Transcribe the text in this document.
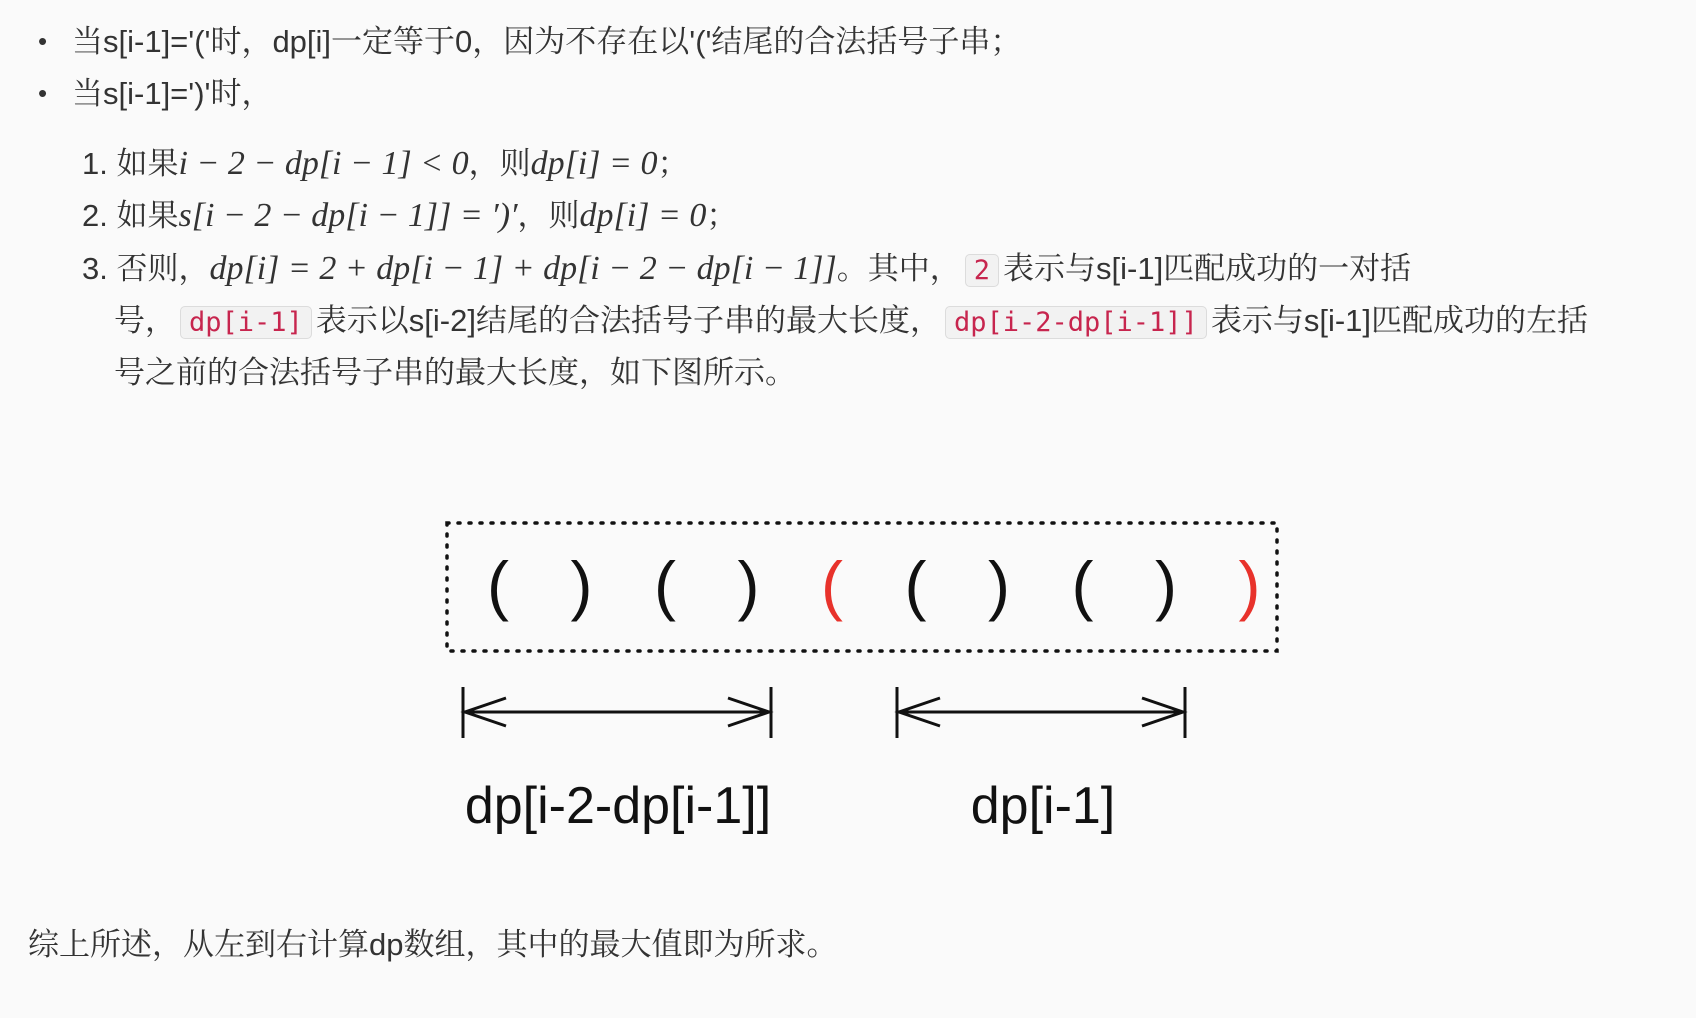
• 当s[i-1]='('时，dp[i]一定等于0，因为不存在以'('结尾的合法括号子串；
• 当s[i-1]=')'时，
1. 如果i − 2 − dp[i − 1] < 0，则dp[i] = 0；
2. 如果s[i − 2 − dp[i − 1]] = ′)′，则dp[i] = 0；
3. 否则，dp[i] = 2 + dp[i − 1] + dp[i − 2 − dp[i − 1]]。其中， 2 表示与s[i-1]匹配成功的一对括
号， dp[i-1] 表示以s[i-2]结尾的合法括号子串的最大长度， dp[i-2-dp[i-1]] 表示与s[i-1]匹配成功的左括
号之前的合法括号子串的最大长度，如下图所示。
( ) ( ) ( ( ) ( ) )
dp[i-2-dp[i-1]]	dp[i-1]
综上所述，从左到右计算dp数组，其中的最大值即为所求。
